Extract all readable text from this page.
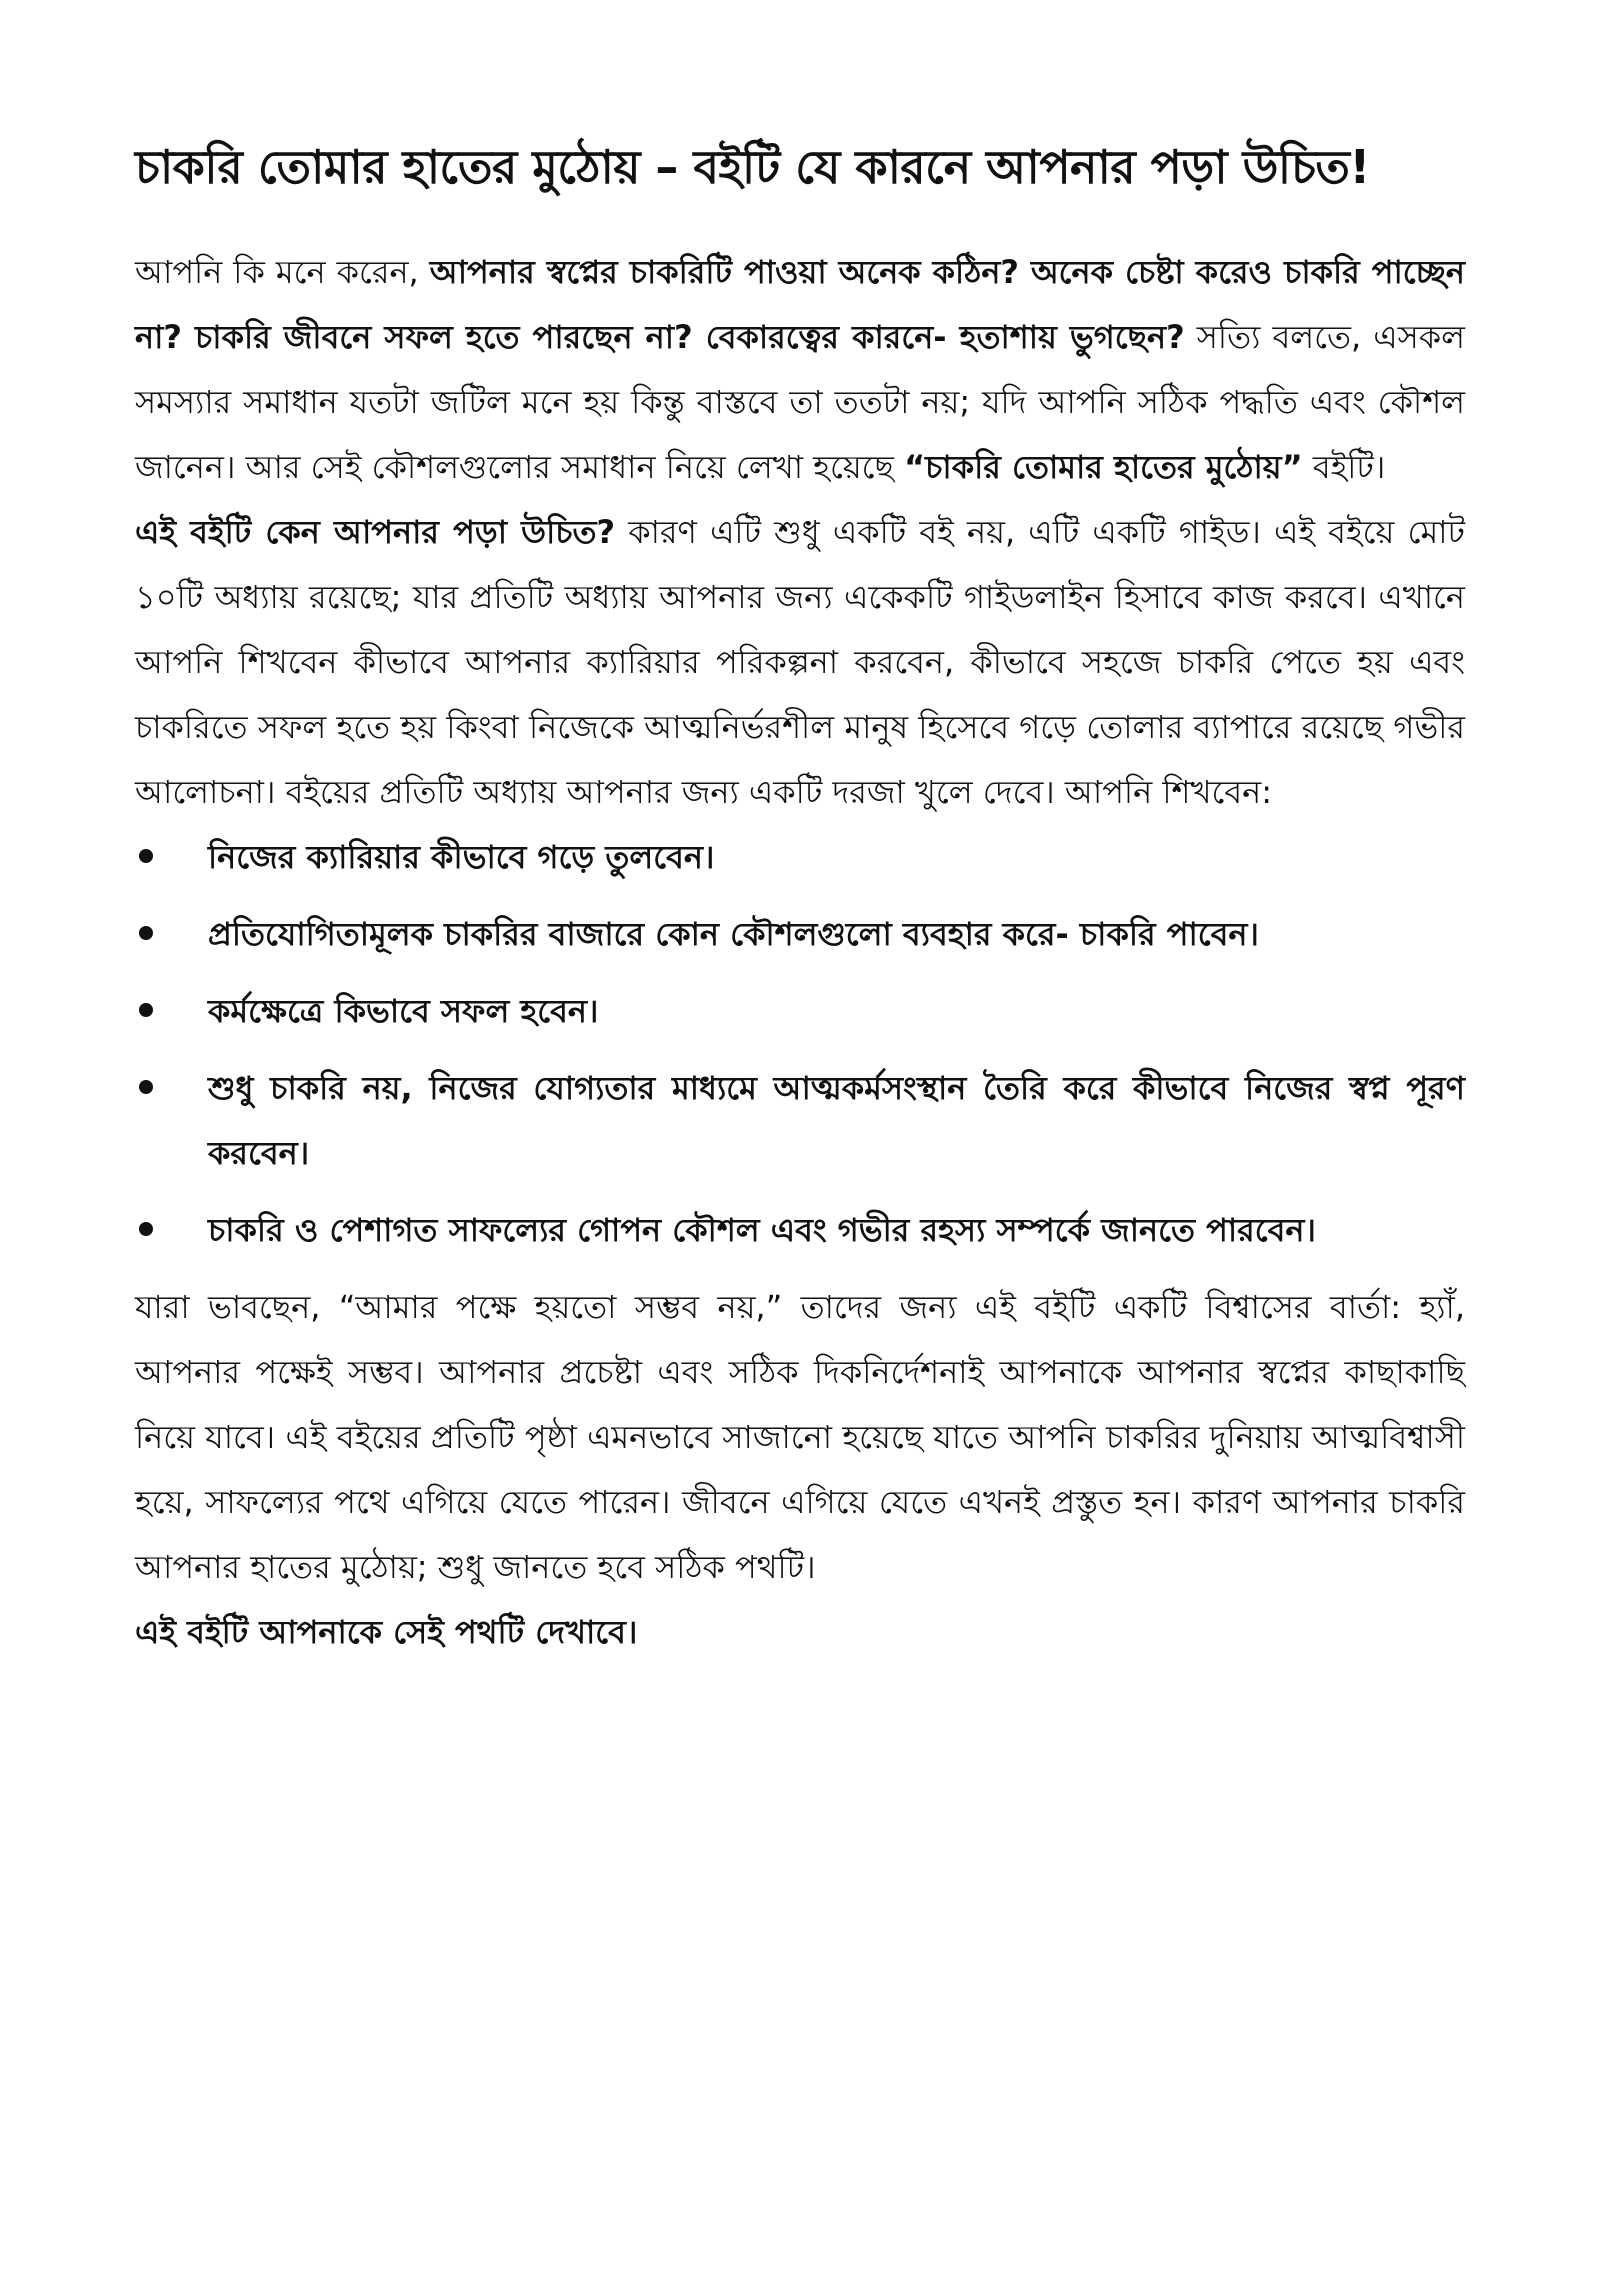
চাকরি তোমার হাতের মুঠোয় – বইটি যে কারনে আপনার পড়া উচিত!

আপনি কি মনে করেন, আপনার স্বপ্নের চাকরিটি পাওয়া অনেক কঠিন? অনেক চেষ্টা করেও চাকরি পাচ্ছেন না? চাকরি জীবনে সফল হতে পারছেন না? বেকারত্বের কারনে- হতাশায় ভুগছেন? সত্যি বলতে, এসকল সমস্যার সমাধান যতটা জটিল মনে হয় কিন্তু বাস্তবে তা ততটা নয়; যদি আপনি সঠিক পদ্ধতি এবং কৌশল জানেন। আর সেই কৌশলগুলোর সমাধান নিয়ে লেখা হয়েছে “চাকরি তোমার হাতের মুঠোয়” বইটি।

এই বইটি কেন আপনার পড়া উচিত? কারণ এটি শুধু একটি বই নয়, এটি একটি গাইড। এই বইয়ে মোট ১০টি অধ্যায় রয়েছে; যার প্রতিটি অধ্যায় আপনার জন্য একেকটি গাইডলাইন হিসাবে কাজ করবে। এখানে আপনি শিখবেন কীভাবে আপনার ক্যারিয়ার পরিকল্পনা করবেন, কীভাবে সহজে চাকরি পেতে হয় এবং চাকরিতে সফল হতে হয় কিংবা নিজেকে আত্মনির্ভরশীল মানুষ হিসেবে গড়ে তোলার ব্যাপারে রয়েছে গভীর আলোচনা। বইয়ের প্রতিটি অধ্যায় আপনার জন্য একটি দরজা খুলে দেবে। আপনি শিখবেন:

নিজের ক্যারিয়ার কীভাবে গড়ে তুলবেন।
প্রতিযোগিতামূলক চাকরির বাজারে কোন কৌশলগুলো ব্যবহার করে- চাকরি পাবেন।
কর্মক্ষেত্রে কিভাবে সফল হবেন।
শুধু চাকরি নয়, নিজের যোগ্যতার মাধ্যমে আত্মকর্মসংস্থান তৈরি করে কীভাবে নিজের স্বপ্ন পূরণ করবেন।
চাকরি ও পেশাগত সাফল্যের গোপন কৌশল এবং গভীর রহস্য সম্পর্কে জানতে পারবেন।

যারা ভাবছেন, “আমার পক্ষে হয়তো সম্ভব নয়,” তাদের জন্য এই বইটি একটি বিশ্বাসের বার্তা: হ্যাঁ, আপনার পক্ষেই সম্ভব। আপনার প্রচেষ্টা এবং সঠিক দিকনির্দেশনাই আপনাকে আপনার স্বপ্নের কাছাকাছি নিয়ে যাবে। এই বইয়ের প্রতিটি পৃষ্ঠা এমনভাবে সাজানো হয়েছে যাতে আপনি চাকরির দুনিয়ায় আত্মবিশ্বাসী হয়ে, সাফল্যের পথে এগিয়ে যেতে পারেন। জীবনে এগিয়ে যেতে এখনই প্রস্তুত হন। কারণ আপনার চাকরি আপনার হাতের মুঠোয়; শুধু জানতে হবে সঠিক পথটি।

এই বইটি আপনাকে সেই পথটি দেখাবে।
